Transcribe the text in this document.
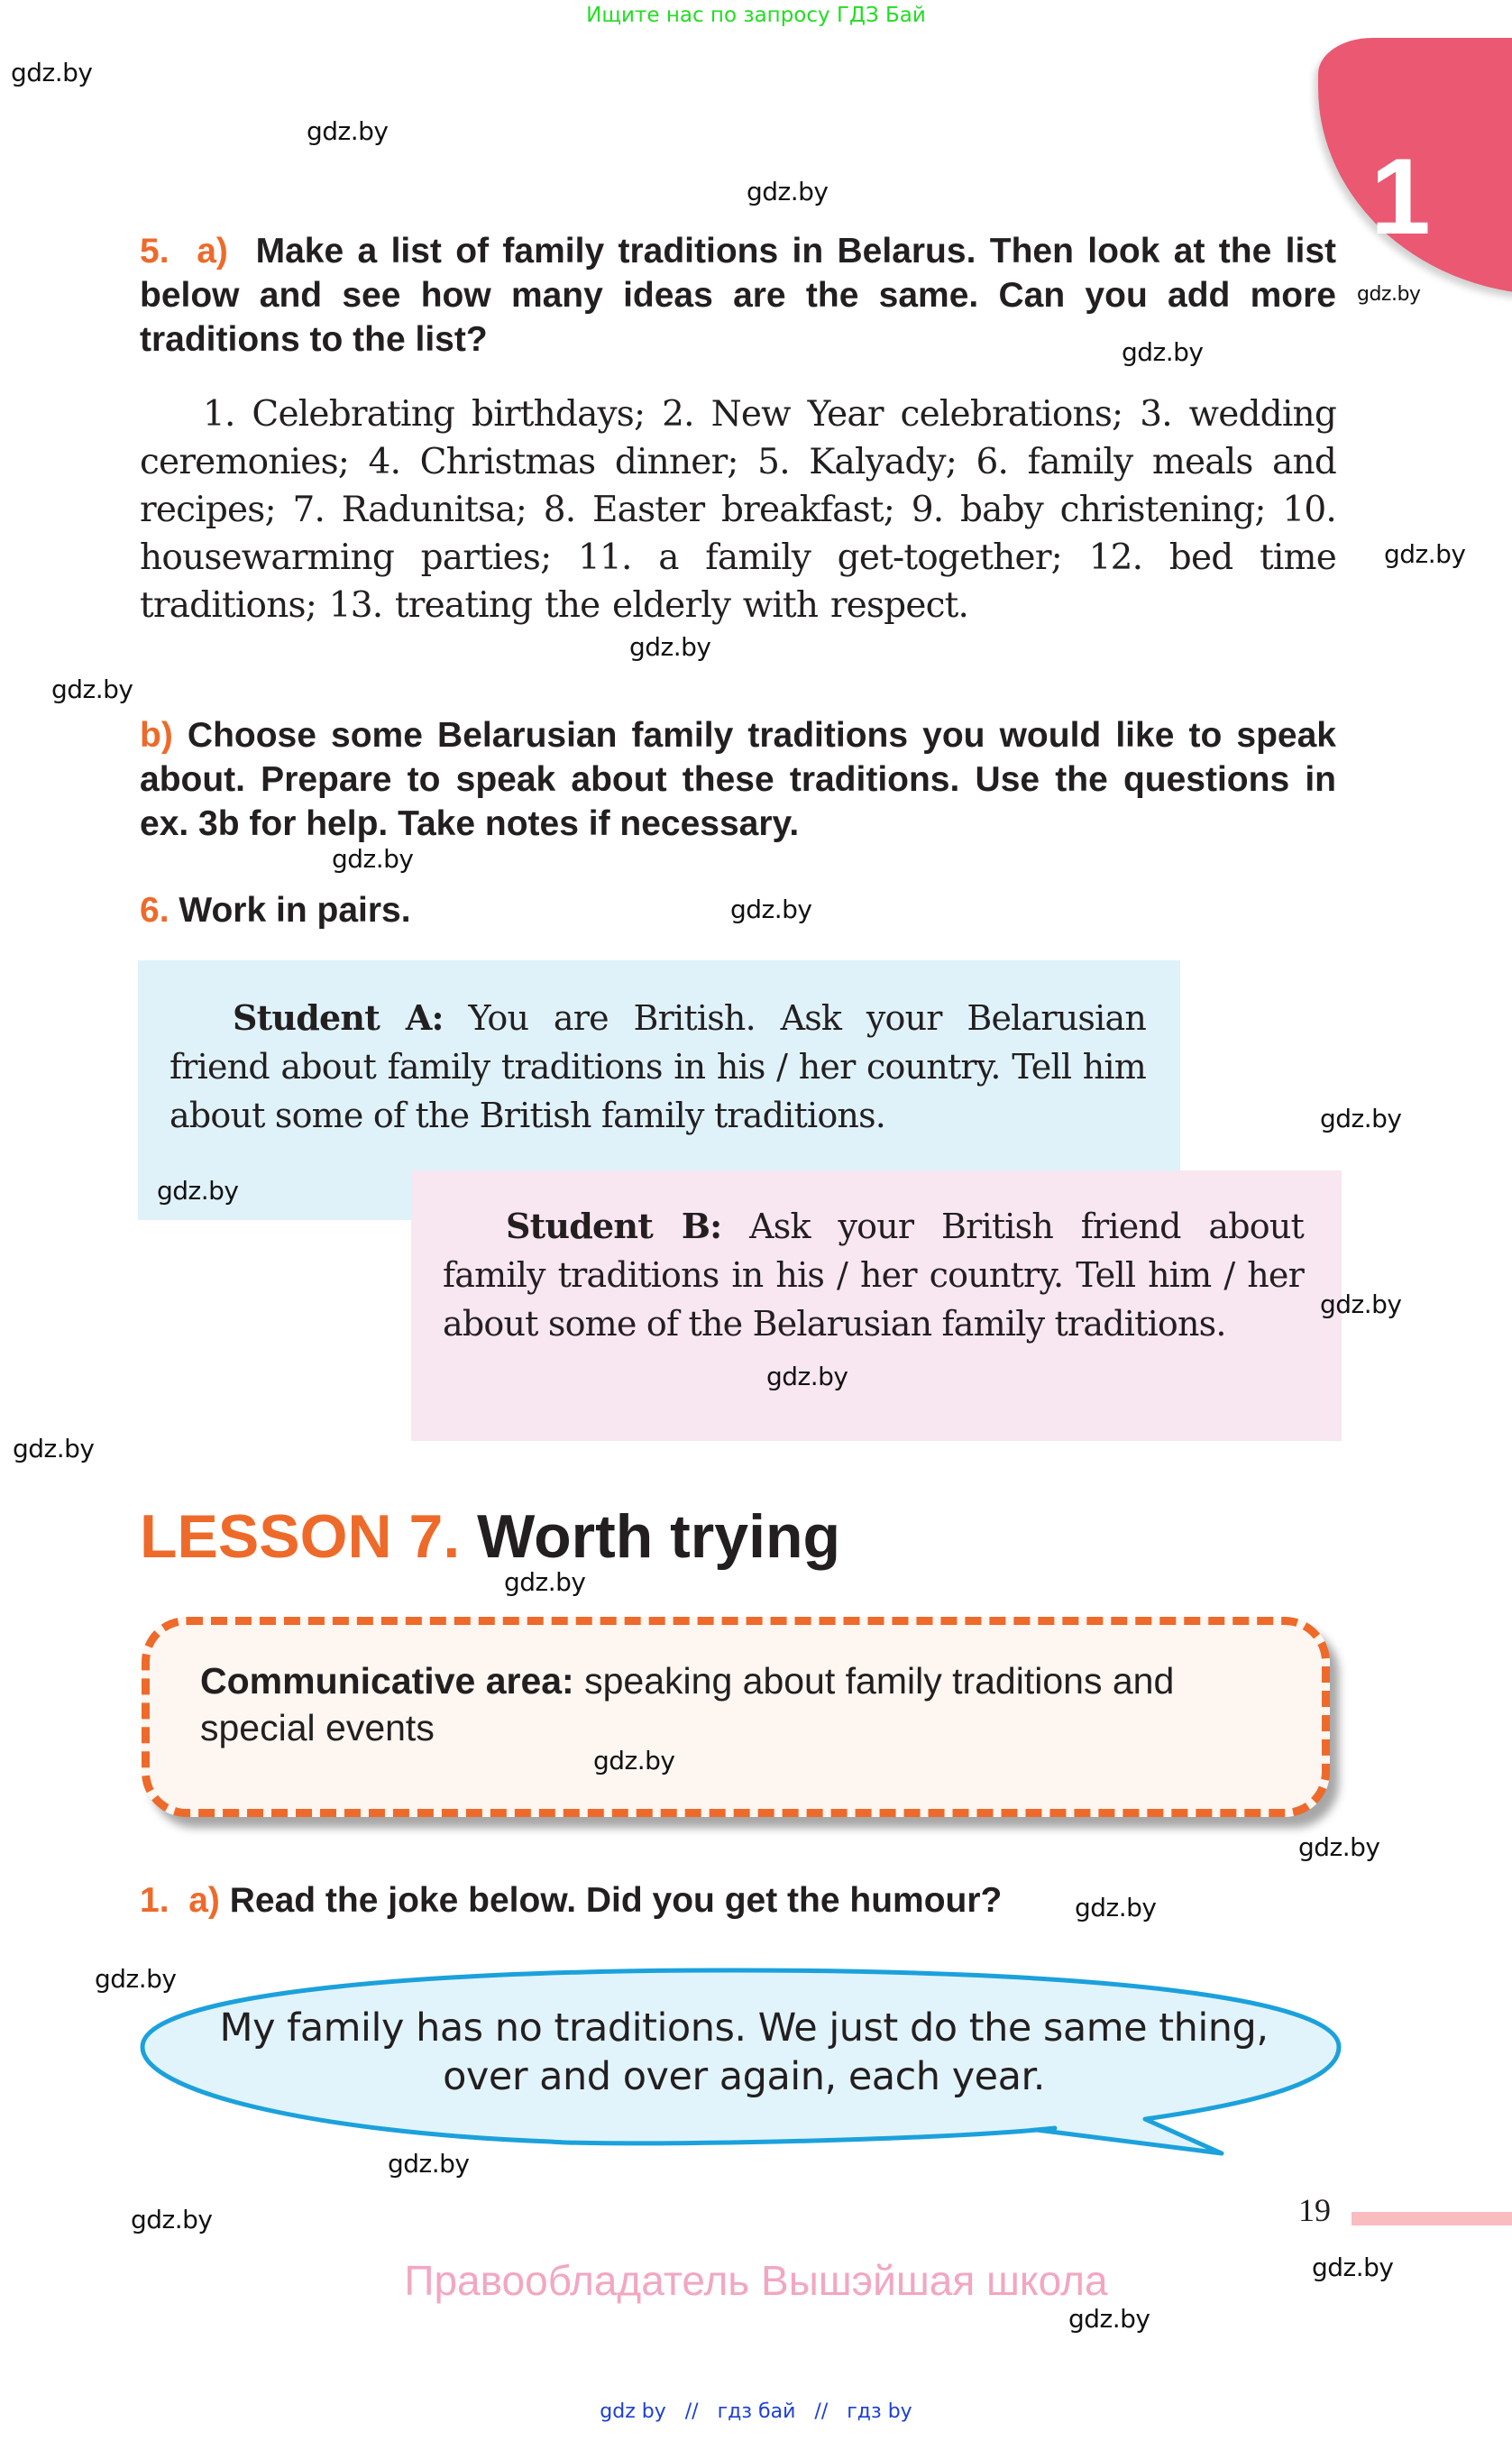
Ищите нас по запросу ГДЗ Бай
1
5. a) Make a list of family traditions in Belarus. Then look at the list below and see how many ideas are the same. Can you add more traditions to the list?
1. Celebrating birthdays; 2. New Year celebrations; 3. wedding ceremonies; 4. Christmas dinner; 5. Kalyady; 6. family meals and recipes; 7. Radunitsa; 8. Easter breakfast; 9. baby christening; 10. housewarming parties; 11. a family get-together; 12. bed time traditions; 13. treating the elderly with respect.
b) Choose some Belarusian family traditions you would like to speak about. Prepare to speak about these traditions. Use the questions in ex. 3b for help. Take notes if necessary.
6. Work in pairs.
Student A: You are British. Ask your Belarusian friend about family traditions in his / her country. Tell him about some of the British family traditions.
Student B: Ask your British friend about family traditions in his / her country. Tell him / her about some of the Belarusian family traditions.
LESSON 7. Worth trying
Communicative area: speaking about family traditions and special events
1. a) Read the joke below. Did you get the humour?
My family has no traditions. We just do the same thing,
over and over again, each year.
19
Правообладатель Вышэйшая школа
gdz by // гдз бай // гдз by
gdz.by
gdz.by
gdz.by
gdz.by
gdz.by
gdz.by
gdz.by
gdz.by
gdz.by
gdz.by
gdz.by
gdz.by
gdz.by
gdz.by
gdz.by
gdz.by
gdz.by
gdz.by
gdz.by
gdz.by
gdz.by
gdz.by
gdz.by
gdz.by
